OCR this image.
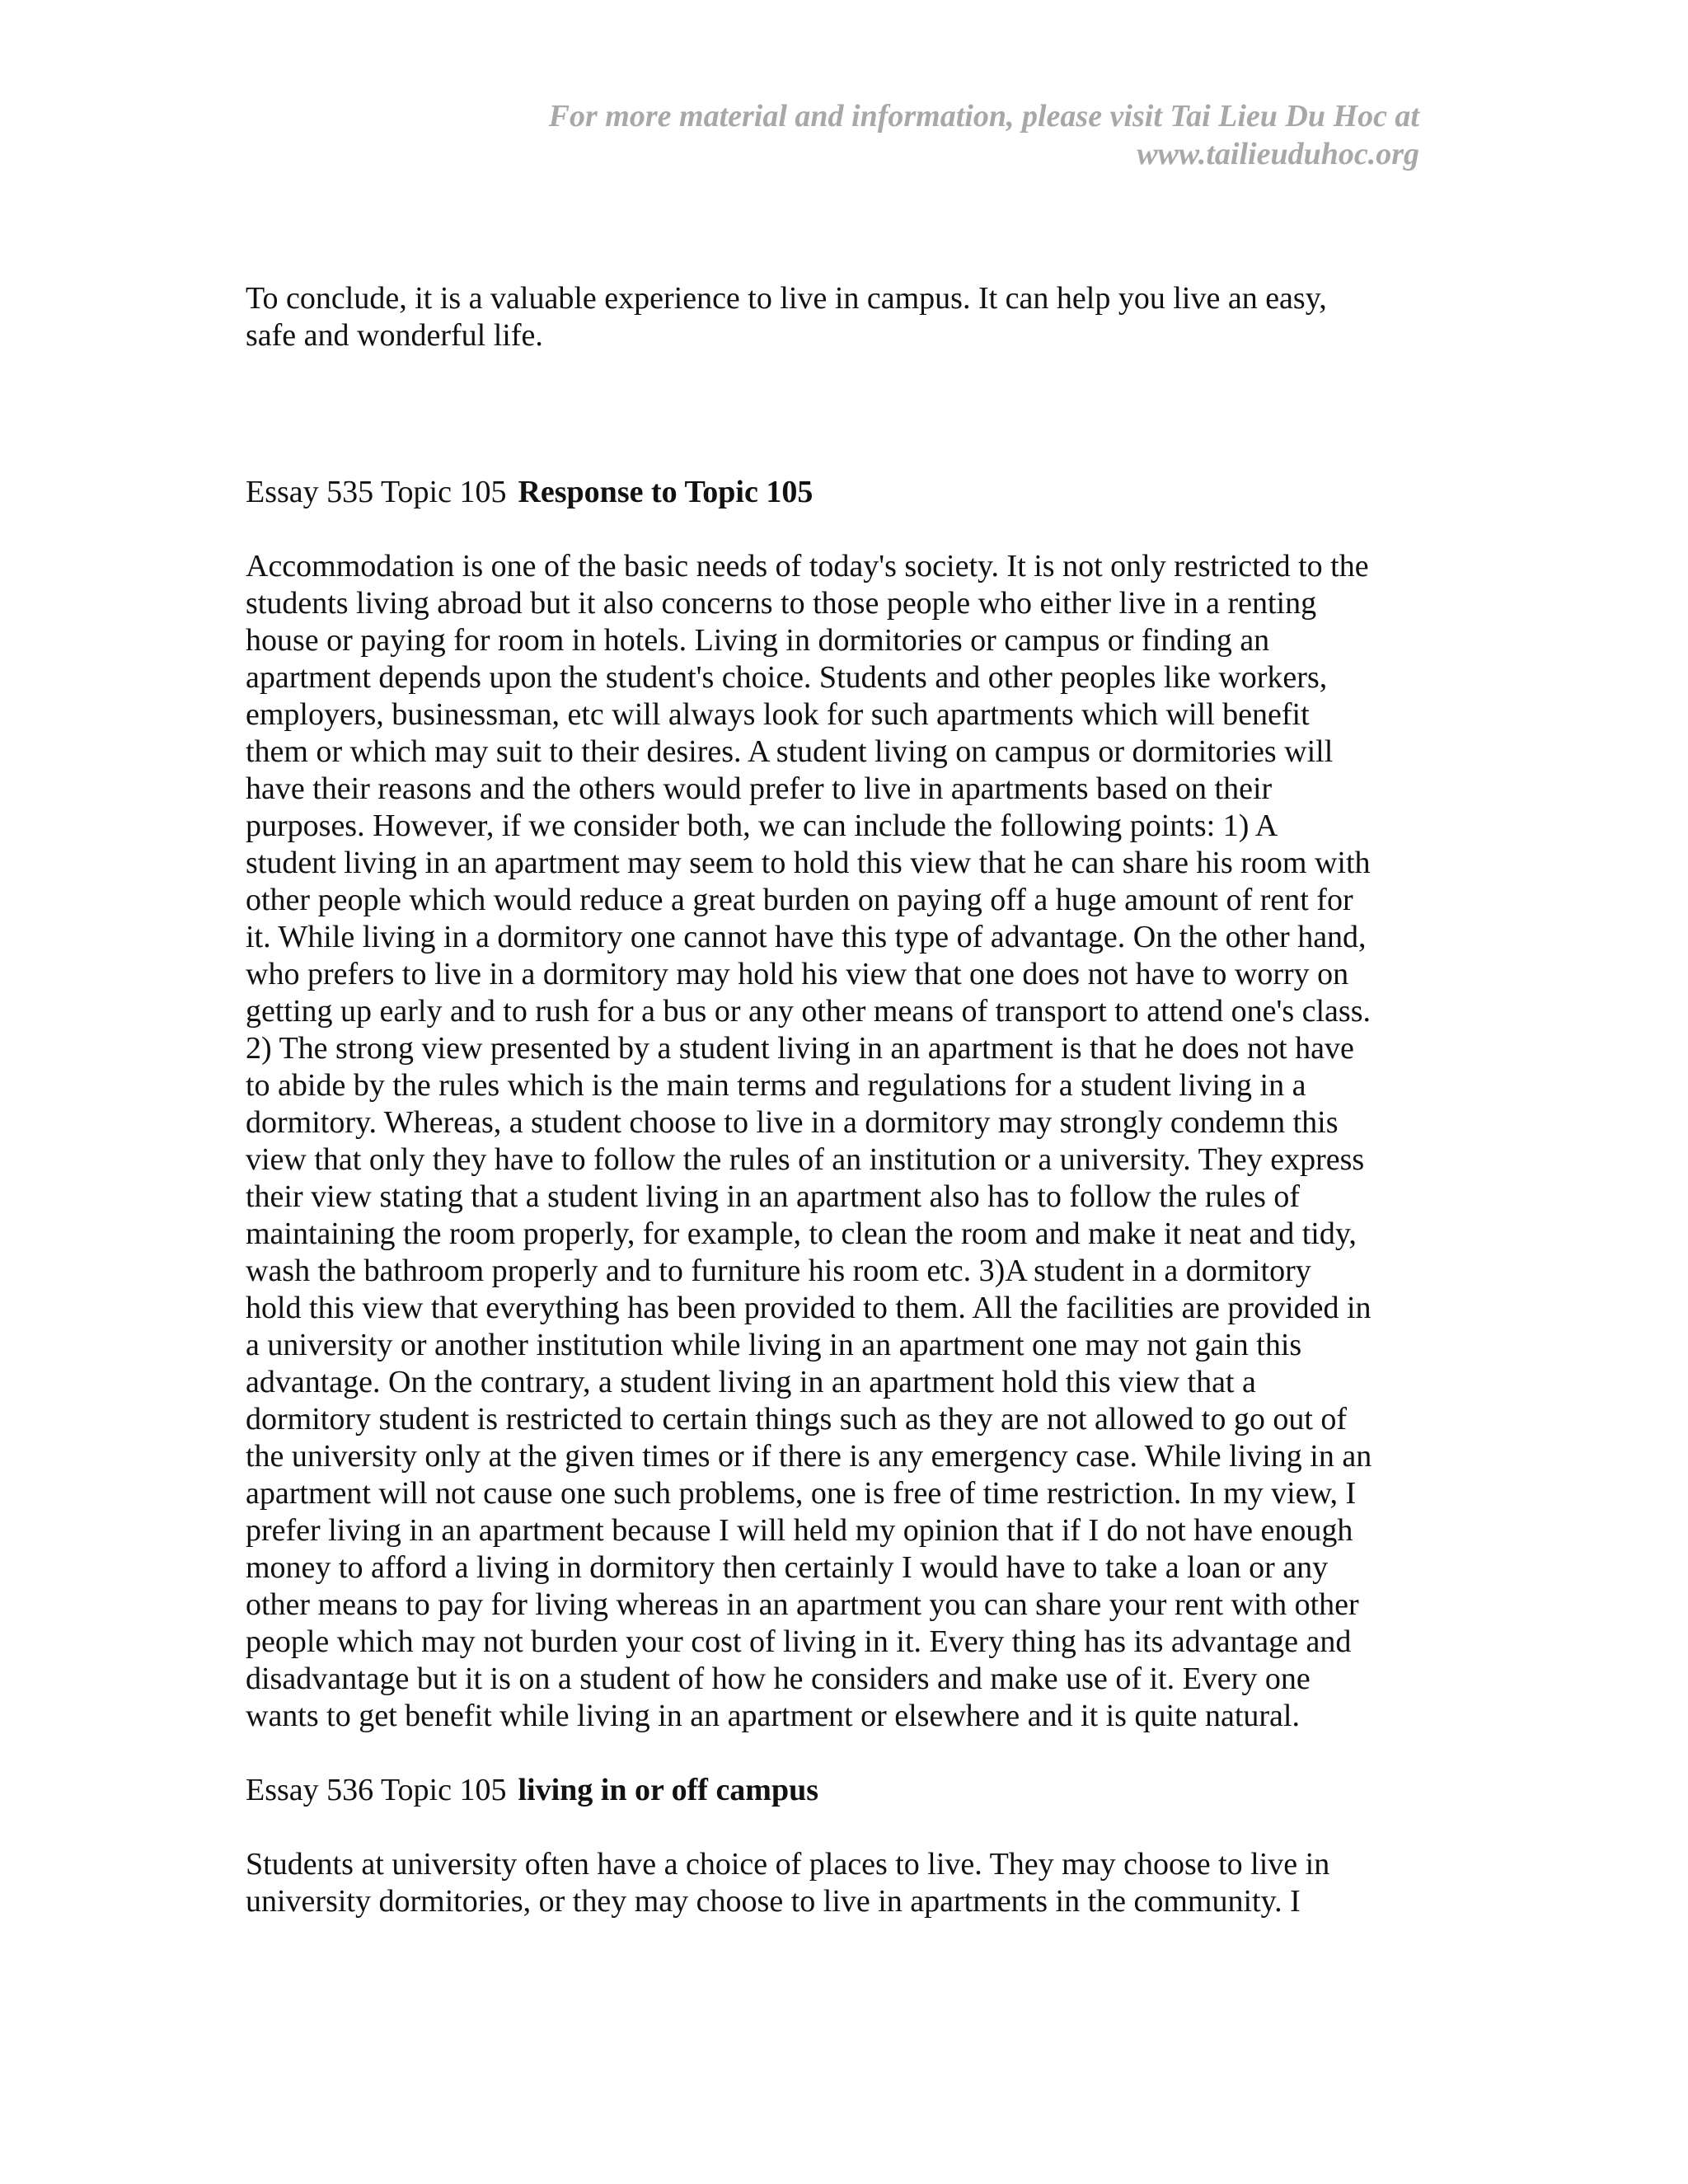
For more material and information, please visit Tai Lieu Du Hoc at
www.tailieuduhoc.org

To conclude, it is a valuable experience to live in campus. It can help you live an easy,
safe and wonderful life.

Essay 535 Topic 105 Response to Topic 105

Accommodation is one of the basic needs of today's society. It is not only restricted to the
students living abroad but it also concerns to those people who either live in a renting
house or paying for room in hotels. Living in dormitories or campus or finding an
apartment depends upon the student's choice. Students and other peoples like workers,
employers, businessman, etc will always look for such apartments which will benefit
them or which may suit to their desires. A student living on campus or dormitories will
have their reasons and the others would prefer to live in apartments based on their
purposes. However, if we consider both, we can include the following points: 1) A
student living in an apartment may seem to hold this view that he can share his room with
other people which would reduce a great burden on paying off a huge amount of rent for
it. While living in a dormitory one cannot have this type of advantage. On the other hand,
who prefers to live in a dormitory may hold his view that one does not have to worry on
getting up early and to rush for a bus or any other means of transport to attend one's class.
2) The strong view presented by a student living in an apartment is that he does not have
to abide by the rules which is the main terms and regulations for a student living in a
dormitory. Whereas, a student choose to live in a dormitory may strongly condemn this
view that only they have to follow the rules of an institution or a university. They express
their view stating that a student living in an apartment also has to follow the rules of
maintaining the room properly, for example, to clean the room and make it neat and tidy,
wash the bathroom properly and to furniture his room etc. 3)A student in a dormitory
hold this view that everything has been provided to them. All the facilities are provided in
a university or another institution while living in an apartment one may not gain this
advantage. On the contrary, a student living in an apartment hold this view that a
dormitory student is restricted to certain things such as they are not allowed to go out of
the university only at the given times or if there is any emergency case. While living in an
apartment will not cause one such problems, one is free of time restriction. In my view, I
prefer living in an apartment because I will held my opinion that if I do not have enough
money to afford a living in dormitory then certainly I would have to take a loan or any
other means to pay for living whereas in an apartment you can share your rent with other
people which may not burden your cost of living in it. Every thing has its advantage and
disadvantage but it is on a student of how he considers and make use of it. Every one
wants to get benefit while living in an apartment or elsewhere and it is quite natural.

Essay 536 Topic 105 living in or off campus

Students at university often have a choice of places to live. They may choose to live in
university dormitories, or they may choose to live in apartments in the community. I
